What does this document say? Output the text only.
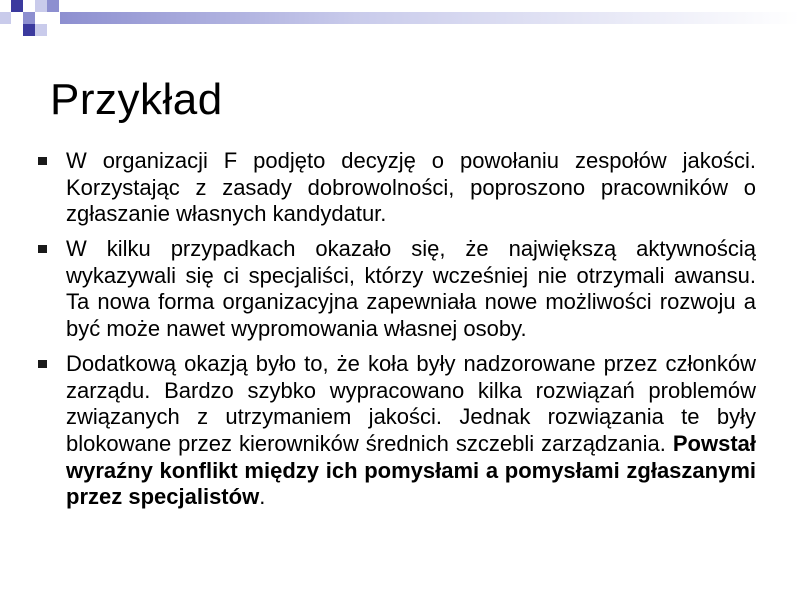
Przykład
W organizacji F podjęto decyzję o powołaniu zespołów jakości. Korzystając z zasady dobrowolności, poproszono pracowników o zgłaszanie własnych kandydatur.
W kilku przypadkach okazało się, że największą aktywnością wykazywali się ci specjaliści, którzy wcześniej nie otrzymali awansu. Ta nowa forma organizacyjna zapewniała nowe możliwości rozwoju a być może nawet wypromowania własnej osoby.
Dodatkową okazją było to, że koła były nadzorowane przez członków zarządu. Bardzo szybko wypracowano kilka rozwiązań problemów związanych z utrzymaniem jakości. Jednak rozwiązania te były blokowane przez kierowników średnich szczebli zarządzania. Powstał wyraźny konflikt między ich pomysłami a pomysłami zgłaszanymi przez specjalistów.
